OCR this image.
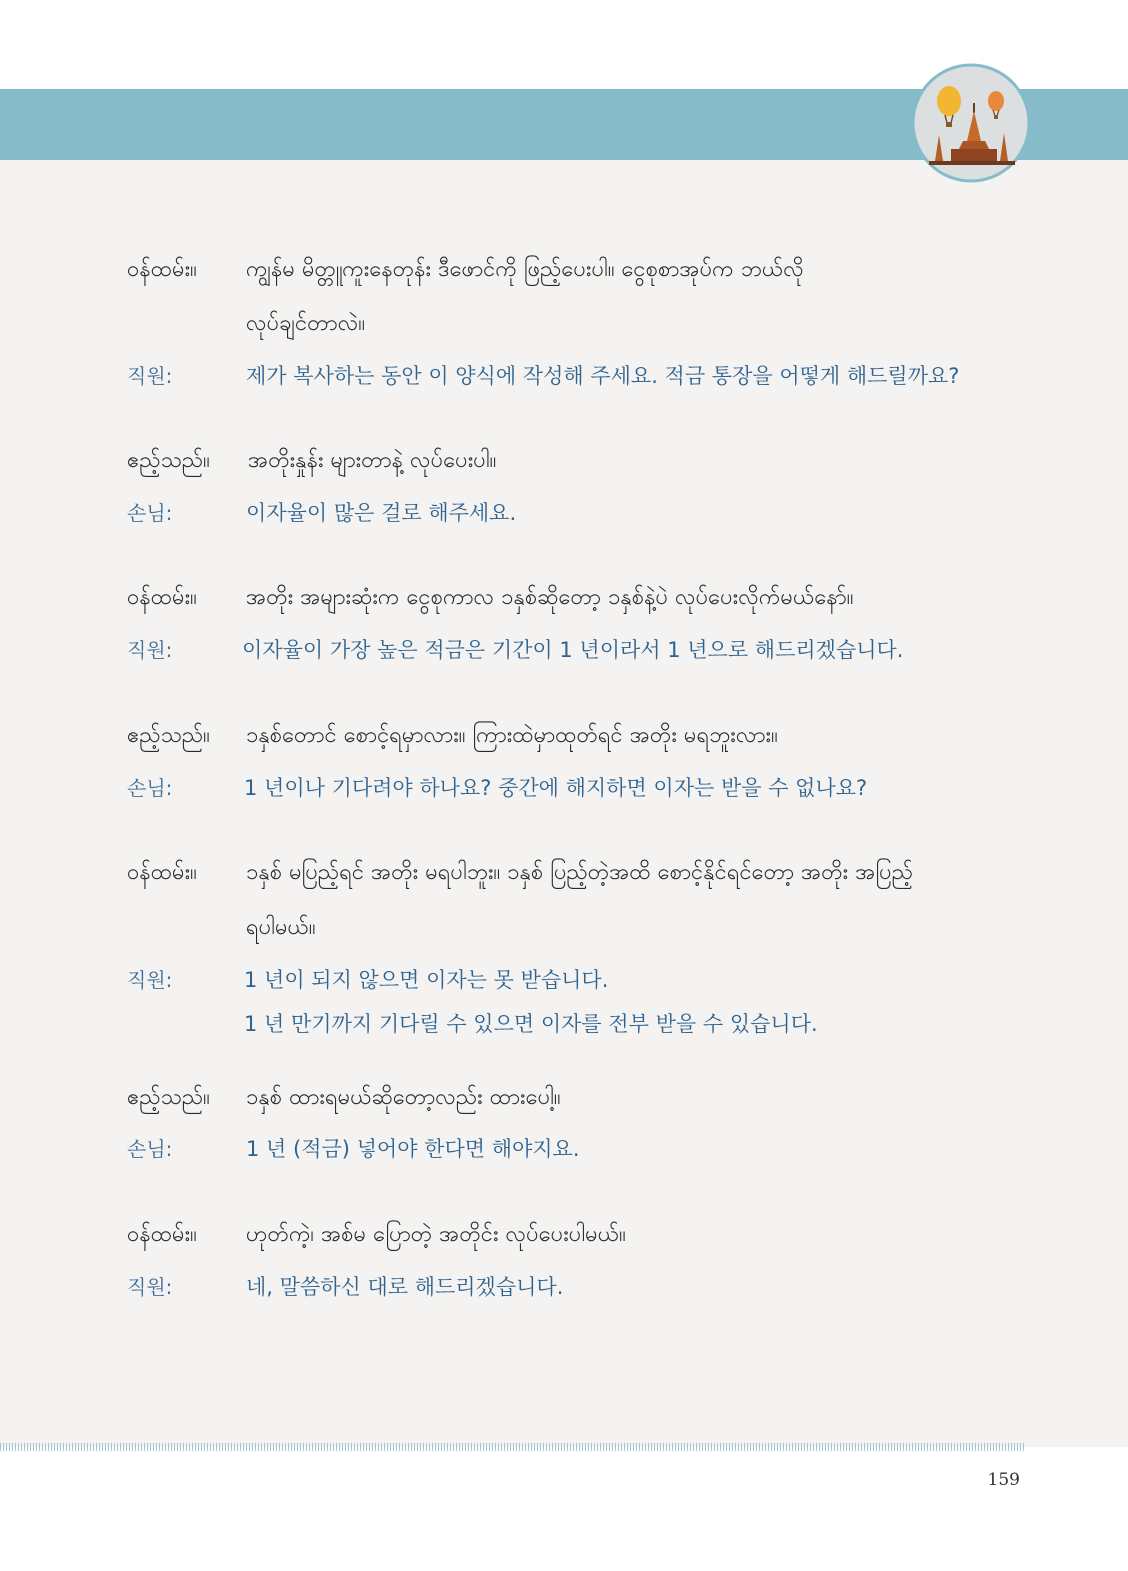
ဝန်ထမ်း။ ကျွန်မ မိတ္တူကူးနေတုန်း ဒီဖောင်ကို ဖြည့်ပေးပါ။ ငွေစုစာအုပ်က ဘယ်လို
လုပ်ချင်တာလဲ။
직원:	제가 복사하는 동안 이 양식에 작성해 주세요. 적금 통장을 어떻게 해드릴까요?
ဧည့်သည်။ အတိုးနှုန်း များတာနဲ့ လုပ်ပေးပါ။
손님:	이자율이 많은 걸로 해주세요.
ဝန်ထမ်း။ အတိုး အများဆုံးက ငွေစုကာလ ၁နှစ်ဆိုတော့ ၁နှစ်နဲ့ပဲ လုပ်ပေးလိုက်မယ်နော်။
직원:	이자율이 가장 높은 적금은 기간이 1 년이라서 1 년으로 해드리겠습니다.
ဧည့်သည်။ ၁နှစ်တောင် စောင့်ရမှာလား။ ကြားထဲမှာထုတ်ရင် အတိုး မရဘူးလား။
손님:	1 년이나 기다려야 하나요? 중간에 해지하면 이자는 받을 수 없나요?
ဝန်ထမ်း။ ၁နှစ် မပြည့်ရင် အတိုး မရပါဘူး။ ၁နှစ် ပြည့်တဲ့အထိ စောင့်နိုင်ရင်တော့ အတိုး အပြည့်
ရပါမယ်။
직원:	1 년이 되지 않으면 이자는 못 받습니다.
1 년 만기까지 기다릴 수 있으면 이자를 전부 받을 수 있습니다.
ဧည့်သည်။ ၁နှစ် ထားရမယ်ဆိုတော့လည်း ထားပေါ့။
손님:	1 년 (적금) 넣어야 한다면 해야지요.
ဝန်ထမ်း။ ဟုတ်ကဲ့၊ အစ်မ ပြောတဲ့ အတိုင်း လုပ်ပေးပါမယ်။
직원:	네, 말씀하신 대로 해드리겠습니다.
159
